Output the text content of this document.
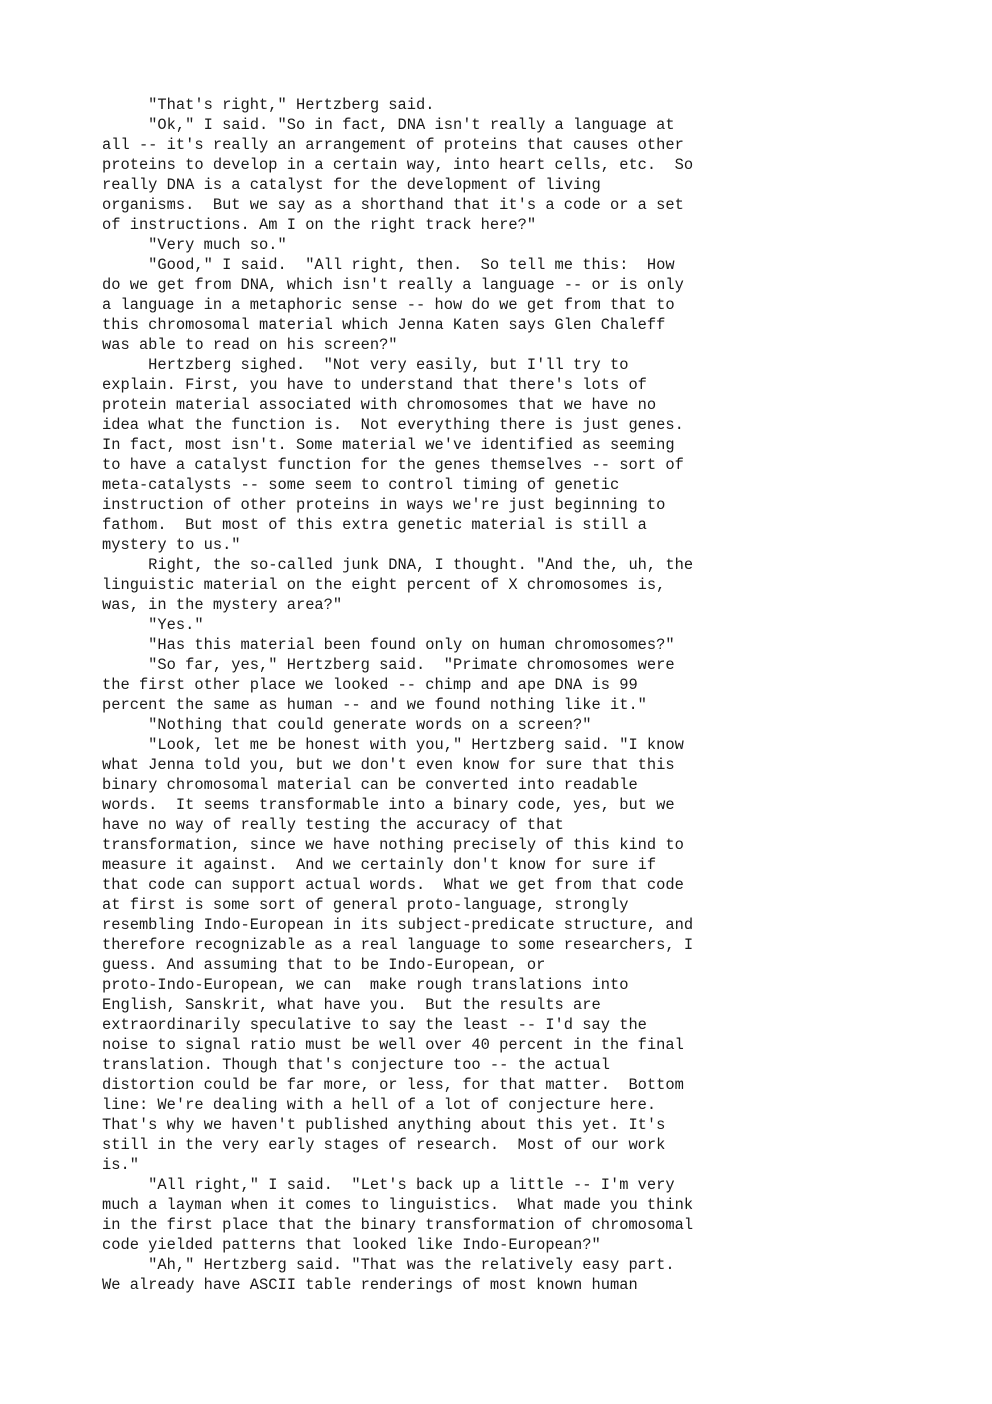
"That's right," Hertzberg said.
"Ok," I said. "So in fact, DNA isn't really a language at
all -- it's really an arrangement of proteins that causes other
proteins to develop in a certain way, into heart cells, etc.  So
really DNA is a catalyst for the development of living
organisms.  But we say as a shorthand that it's a code or a set
of instructions. Am I on the right track here?"
"Very much so."
"Good," I said.  "All right, then.  So tell me this:  How
do we get from DNA, which isn't really a language -- or is only
a language in a metaphoric sense -- how do we get from that to
this chromosomal material which Jenna Katen says Glen Chaleff
was able to read on his screen?"
Hertzberg sighed.  "Not very easily, but I'll try to
explain. First, you have to understand that there's lots of
protein material associated with chromosomes that we have no
idea what the function is.  Not everything there is just genes.
In fact, most isn't. Some material we've identified as seeming
to have a catalyst function for the genes themselves -- sort of
meta-catalysts -- some seem to control timing of genetic
instruction of other proteins in ways we're just beginning to
fathom.  But most of this extra genetic material is still a
mystery to us."
Right, the so-called junk DNA, I thought. "And the, uh, the
linguistic material on the eight percent of X chromosomes is,
was, in the mystery area?"
"Yes."
"Has this material been found only on human chromosomes?"
"So far, yes," Hertzberg said.  "Primate chromosomes were
the first other place we looked -- chimp and ape DNA is 99
percent the same as human -- and we found nothing like it."
"Nothing that could generate words on a screen?"
"Look, let me be honest with you," Hertzberg said. "I know
what Jenna told you, but we don't even know for sure that this
binary chromosomal material can be converted into readable
words.  It seems transformable into a binary code, yes, but we
have no way of really testing the accuracy of that
transformation, since we have nothing precisely of this kind to
measure it against.  And we certainly don't know for sure if
that code can support actual words.  What we get from that code
at first is some sort of general proto-language, strongly
resembling Indo-European in its subject-predicate structure, and
therefore recognizable as a real language to some researchers, I
guess. And assuming that to be Indo-European, or
proto-Indo-European, we can  make rough translations into
English, Sanskrit, what have you.  But the results are
extraordinarily speculative to say the least -- I'd say the
noise to signal ratio must be well over 40 percent in the final
translation. Though that's conjecture too -- the actual
distortion could be far more, or less, for that matter.  Bottom
line: We're dealing with a hell of a lot of conjecture here.
That's why we haven't published anything about this yet. It's
still in the very early stages of research.  Most of our work
is."
"All right," I said.  "Let's back up a little -- I'm very
much a layman when it comes to linguistics.  What made you think
in the first place that the binary transformation of chromosomal
code yielded patterns that looked like Indo-European?"
"Ah," Hertzberg said. "That was the relatively easy part.
We already have ASCII table renderings of most known human
